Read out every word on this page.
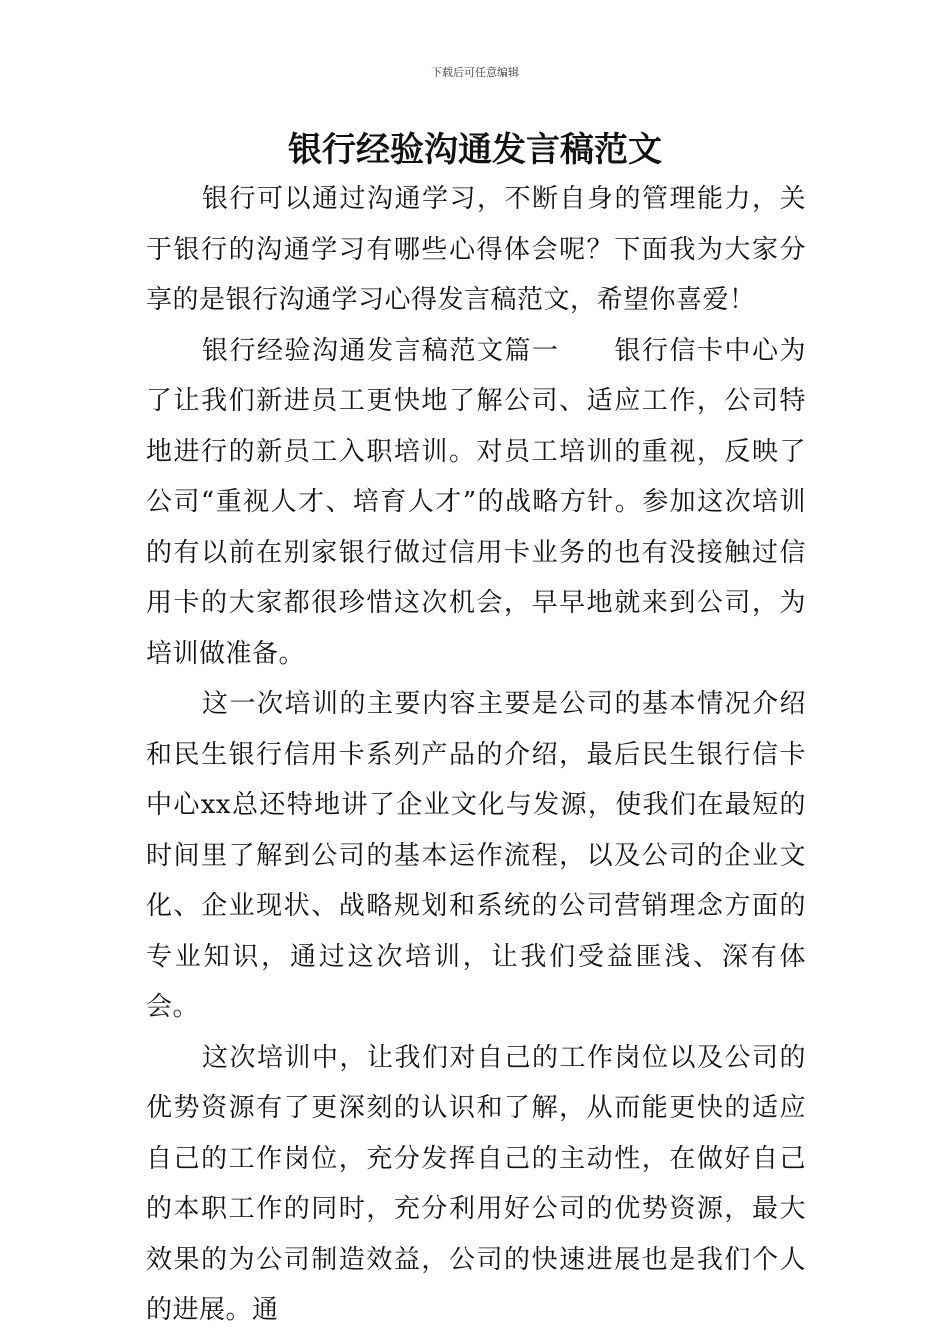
下载后可任意编辑
银行经验沟通发言稿范文

银行可以通过沟通学习，不断自身的管理能力，关于银行的沟通学习有哪些心得体会呢？下面我为大家分享的是银行沟通学习心得发言稿范文，希望你喜爱！

银行经验沟通发言稿范文篇一　　银行信卡中心为了让我们新进员工更快地了解公司、适应工作，公司特地进行的新员工入职培训。对员工培训的重视，反映了公司“重视人才、培育人才”的战略方针。参加这次培训的有以前在别家银行做过信用卡业务的也有没接触过信用卡的大家都很珍惜这次机会，早早地就来到公司，为培训做准备。

这一次培训的主要内容主要是公司的基本情况介绍和民生银行信用卡系列产品的介绍，最后民生银行信卡中心xx总还特地讲了企业文化与发源，使我们在最短的时间里了解到公司的基本运作流程，以及公司的企业文化、企业现状、战略规划和系统的公司营销理念方面的专业知识，通过这次培训，让我们受益匪浅、深有体会。

这次培训中，让我们对自己的工作岗位以及公司的优势资源有了更深刻的认识和了解，从而能更快的适应自己的工作岗位，充分发挥自己的主动性，在做好自己的本职工作的同时，充分利用好公司的优势资源，最大效果的为公司制造效益，公司的快速进展也是我们个人的进展。通
